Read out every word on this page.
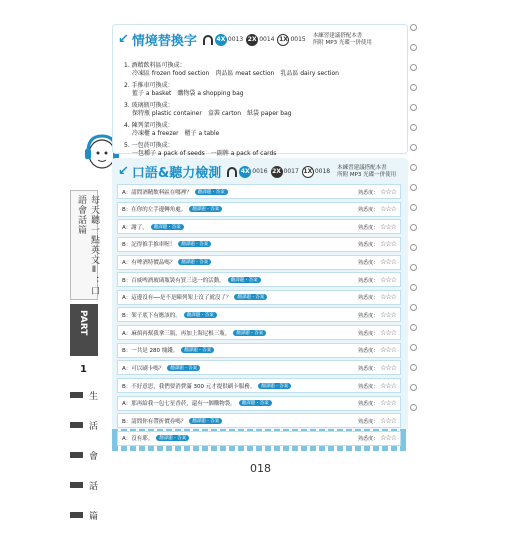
每天聽一點英文Ⅱ：口語會話篇
PART
1
生
活
會
話
篇
↙ 情境替換字	4X 0013 2X 0014 1X 0015
本練習建議搭配本書
所附 MP3 光碟一併使用
1. 酒精飲料區可換成：
冷凍區 frozen food section　肉品區 meat section　乳品區 dairy section
2. 手推車可換成：
籃子 a basket　購物袋 a shopping bag
3. 玻璃瓶可換成：
保特瓶 plastic container　盒裝 carton　紙袋 paper bag
4. 陳列架可換成：
冷凍櫃 a freezer　櫃子 a table
5. 一包菸可換成：
一包種子 a pack of seeds　一副牌 a pack of cards
↙ 口語&聽力檢測	4X 0016 2X 0017 1X 0018
本練習建議搭配本書
所附 MP3 光碟一併使用
A：請問酒精飲料區在哪裡？	翻譯題・答案	熟悉度： ☆☆☆
B：在你的左手邊轉角處。	翻譯題・答案	熟悉度： ☆☆☆
A：謝了。	翻譯題・答案	熟悉度： ☆☆☆
B：記得推手推車喔！	翻譯題・答案	熟悉度： ☆☆☆
A：有啤酒特價品嗎？	翻譯題・答案	熟悉度： ☆☆☆
B：百威啤酒玻璃瓶裝有買三送一的活動。	翻譯題・答案	熟悉度： ☆☆☆
A：這邊沒有──是不是陳列架上沒了就沒了？	翻譯題・答案	熟悉度： ☆☆☆
B：架子底下有應該的。	翻譯題・答案	熟悉度： ☆☆☆
A：麻煩再幫我拿三瓶，再加上海尼根三瓶。	翻譯題・答案	熟悉度： ☆☆☆
B：一共是 280 塊錢。	翻譯題・答案	熟悉度： ☆☆☆
A：可以刷卡嗎？	翻譯題・答案	熟悉度： ☆☆☆
B：不好意思，我們要消費滿 300 元才提供刷卡服務。	翻譯題・答案	熟悉度： ☆☆☆
A：那再給我一包七星香菸，還有一個購物袋。	翻譯題・答案	熟悉度： ☆☆☆
B：請問你有帶折價券嗎？	翻譯題・答案	熟悉度： ☆☆☆
A：沒有耶。	翻譯題・答案	熟悉度： ☆☆☆
018
